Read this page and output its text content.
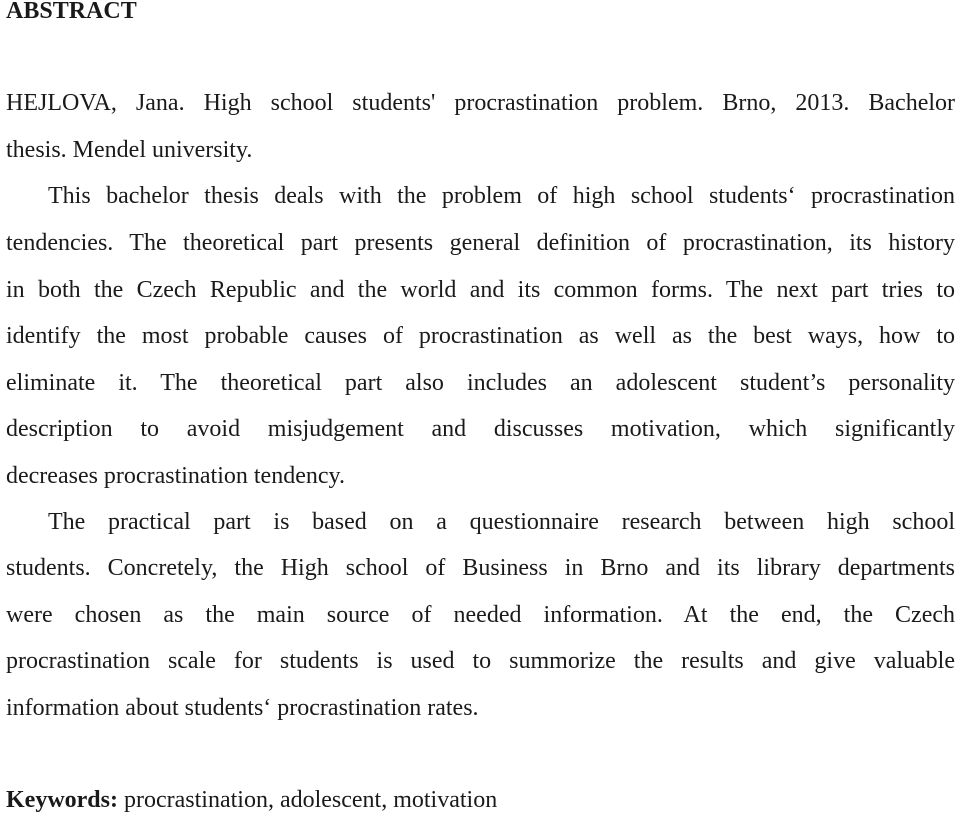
ABSTRACT

HEJLOVA, Jana. High school students' procrastination problem. Brno, 2013. Bachelor

thesis. Mendel university.

This bachelor thesis deals with the problem of high school students‘ procrastination

tendencies. The theoretical part presents general definition of procrastination, its history

in both the Czech Republic and the world and its common forms. The next part tries to

identify the most probable causes of procrastination as well as the best ways, how to

eliminate it. The theoretical part also includes an adolescent student’s personality

description to avoid misjudgement and discusses motivation, which significantly

decreases procrastination tendency.

The practical part is based on a questionnaire research between high school

students. Concretely, the High school of Business in Brno and its library departments

were chosen as the main source of needed information. At the end, the Czech

procrastination scale for students is used to summorize the results and give valuable

information about students‘ procrastination rates.

Keywords: procrastination, adolescent, motivation
